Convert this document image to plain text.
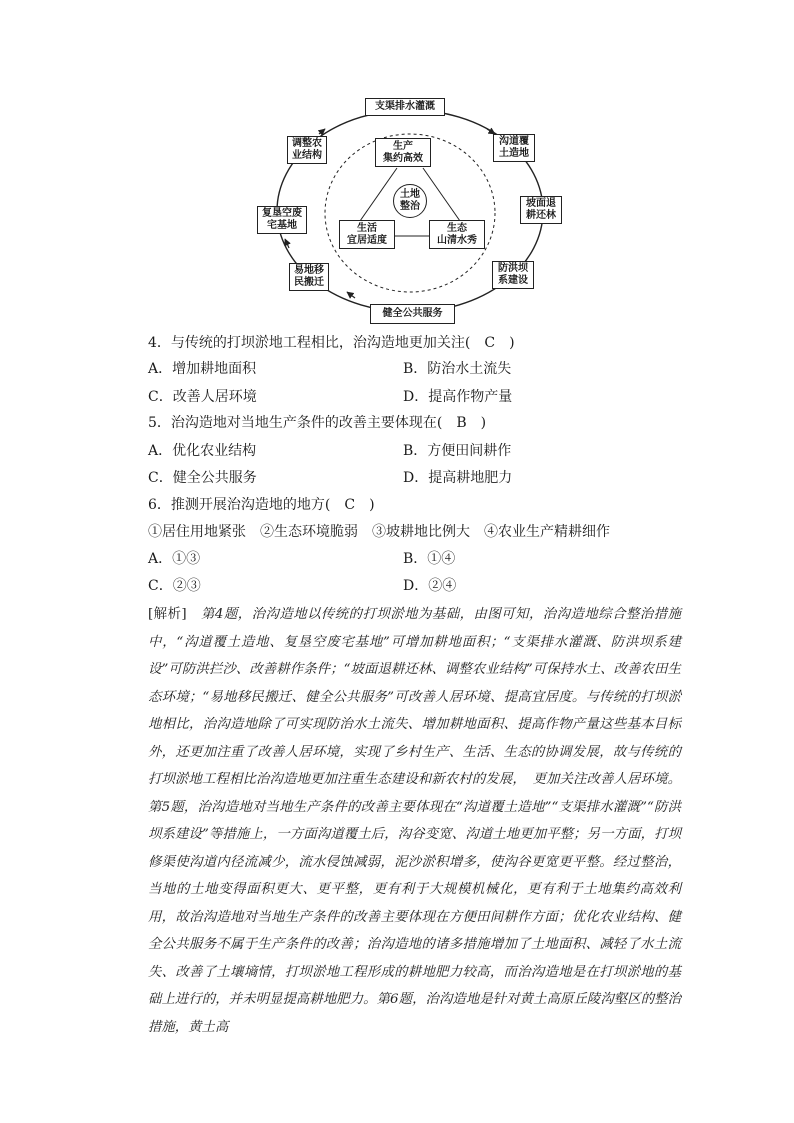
支渠排水灌溉
调整农
业结构
沟道覆
土造地
坡面退
耕还林
复垦空废
宅基地
易地移
民搬迁
防洪坝
系建设
健全公共服务
生产
集约高效
生活
宜居适度
生态
山清水秀
土地
整治
4．与传统的打坝淤地工程相比，治沟造地更加关注(　C　)
A．增加耕地面积	B．防治水土流失
C．改善人居环境	D．提高作物产量
5．治沟造地对当地生产条件的改善主要体现在(　B　)
A．优化农业结构	B．方便田间耕作
C．健全公共服务	D．提高耕地肥力
6．推测开展治沟造地的地方(　C　)
①居住用地紧张　②生态环境脆弱　③坡耕地比例大　④农业生产精耕细作
A．①③	B．①④
C．②③	D．②④
[解析]　第4题，治沟造地以传统的打坝淤地为基础，由图可知，治沟造地综合整治措施中，“沟道覆土造地、复垦空废宅基地”可增加耕地面积；“支渠排水灌溉、防洪坝系建设”可防洪拦沙、改善耕作条件；“坡面退耕还林、调整农业结构”可保持水土、改善农田生态环境；“易地移民搬迁、健全公共服务”可改善人居环境、提高宜居度。与传统的打坝淤地相比，治沟造地除了可实现防治水土流失、增加耕地面积、提高作物产量这些基本目标外，还更加注重了改善人居环境，实现了乡村生产、生活、生态的协调发展，故与传统的打坝淤地工程相比治沟造地更加注重生态建设和新农村的发展，　更加关注改善人居环境。第5题，治沟造地对当地生产条件的改善主要体现在“沟道覆土造地”“支渠排水灌溉”“防洪坝系建设”等措施上，一方面沟道覆土后，沟谷变宽、沟道土地更加平整；另一方面，打坝修渠使沟道内径流减少，流水侵蚀减弱，泥沙淤积增多，使沟谷更宽更平整。经过整治，当地的土地变得面积更大、更平整，更有利于大规模机械化，更有利于土地集约高效利用，故治沟造地对当地生产条件的改善主要体现在方便田间耕作方面；优化农业结构、健全公共服务不属于生产条件的改善；治沟造地的诸多措施增加了土地面积、减轻了水土流失、改善了土壤墒情，打坝淤地工程形成的耕地肥力较高，而治沟造地是在打坝淤地的基础上进行的，并未明显提高耕地肥力。第6题，治沟造地是针对黄土高原丘陵沟壑区的整治措施，黄土高
